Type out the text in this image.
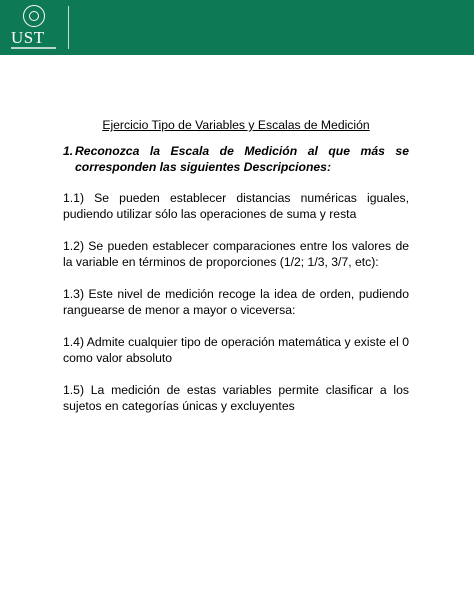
UST
Ejercicio Tipo de Variables y Escalas de Medición
1. Reconozca la Escala de Medición al que más se corresponden las siguientes Descripciones:
1.1) Se pueden establecer distancias numéricas iguales, pudiendo utilizar sólo las operaciones de suma y resta
1.2) Se pueden establecer comparaciones entre los valores de la variable en términos de proporciones (1/2; 1/3, 3/7, etc):
1.3) Este nivel de medición recoge la idea de orden, pudiendo ranguearse de menor a mayor o viceversa:
1.4) Admite cualquier tipo de operación matemática y existe el 0 como valor absoluto
1.5) La medición de estas variables permite clasificar a los sujetos en categorías únicas y excluyentes
